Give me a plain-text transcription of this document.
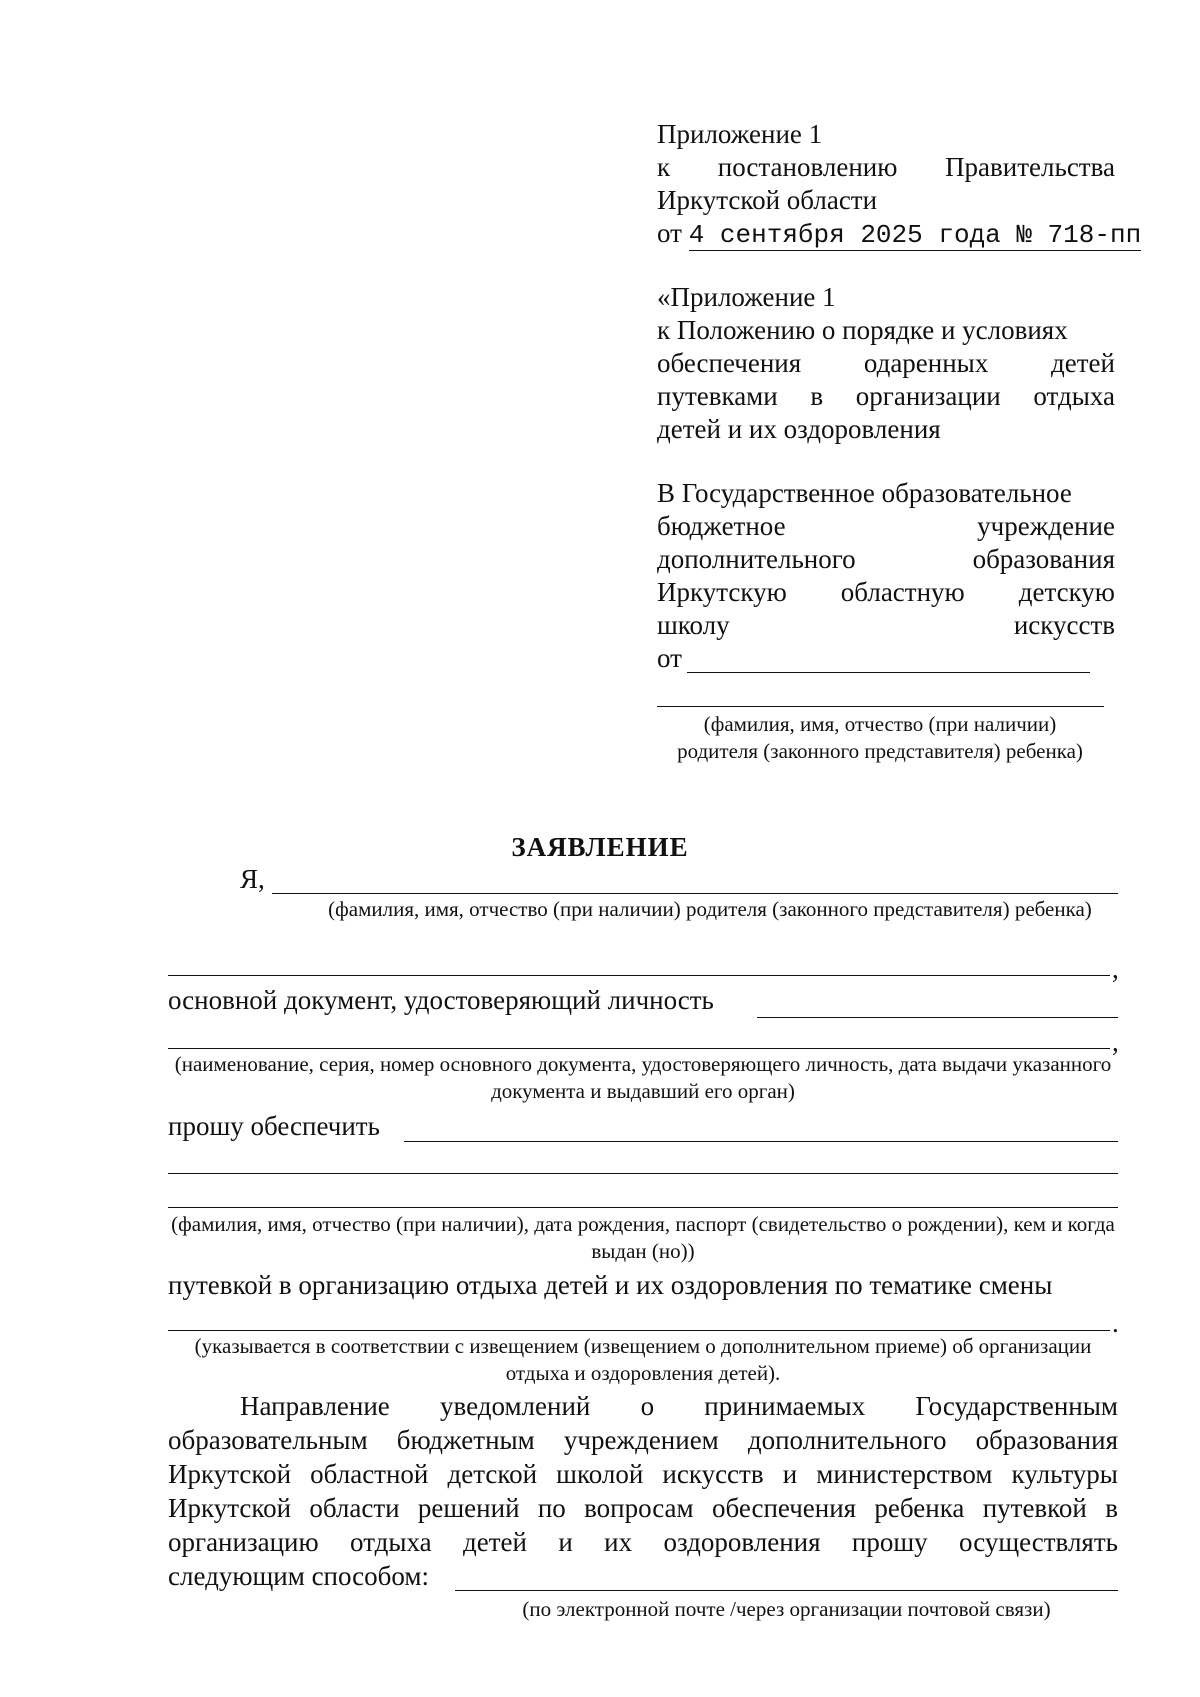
Приложение 1
к постановлению Правительства
Иркутской области
от 4 сентября 2025 года № 718-пп
«Приложение 1
к Положению о порядке и условиях
обеспечения одаренных детей
путевками в организации отдыха
детей и их оздоровления
В Государственное образовательное
бюджетное	учреждение
дополнительного	образования
Иркутскую областную детскую
школу	искусств
от
(фамилия, имя, отчество (при наличии) родителя (законного представителя) ребенка)
ЗАЯВЛЕНИЕ
Я,
(фамилия, имя, отчество (при наличии) родителя (законного представителя) ребенка)
,
основной документ, удостоверяющий личность
,
(наименование, серия, номер основного документа, удостоверяющего личность, дата выдачи указанного документа и выдавший его орган)
прошу обеспечить
(фамилия, имя, отчество (при наличии), дата рождения, паспорт (свидетельство о рождении), кем и когда выдан (но))
путевкой в организацию отдыха детей и их оздоровления по тематике смены
.
(указывается в соответствии с извещением (извещением о дополнительном приеме) об организации отдыха и оздоровления детей).
Направление уведомлений о принимаемых Государственным
образовательным бюджетным учреждением дополнительного образования
Иркутской областной детской школой искусств и министерством культуры
Иркутской области решений по вопросам обеспечения ребенка путевкой в
организацию отдыха детей и их оздоровления прошу осуществлять
следующим способом:
(по электронной почте /через организации почтовой связи)
